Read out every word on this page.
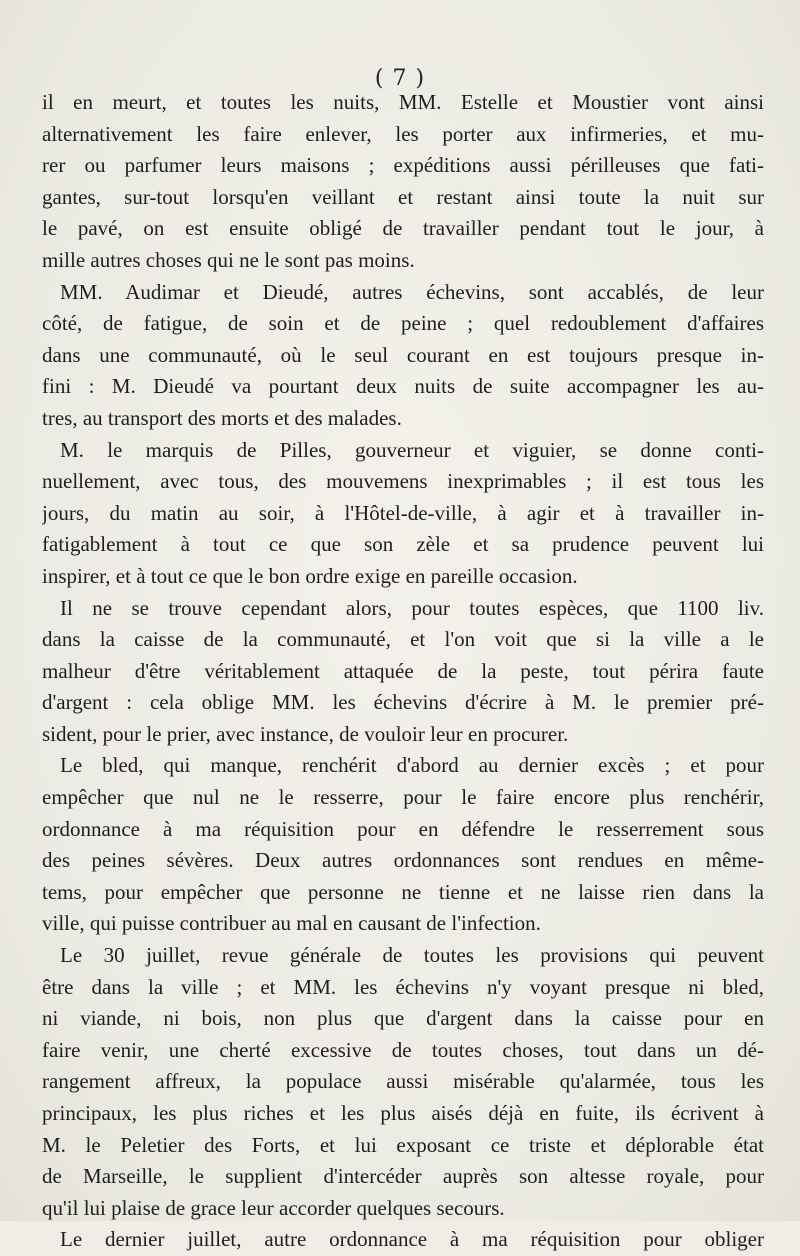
( 7 )
il en meurt, et toutes les nuits, MM. Estelle et Moustier vont ainsi
alternativement les faire enlever, les porter aux infirmeries, et mu-
rer ou parfumer leurs maisons ; expéditions aussi périlleuses que fati-
gantes, sur-tout lorsqu'en veillant et restant ainsi toute la nuit sur
le pavé, on est ensuite obligé de travailler pendant tout le jour, à
mille autres choses qui ne le sont pas moins.
MM. Audimar et Dieudé, autres échevins, sont accablés, de leur
côté, de fatigue, de soin et de peine ; quel redoublement d'affaires
dans une communauté, où le seul courant en est toujours presque in-
fini : M. Dieudé va pourtant deux nuits de suite accompagner les au-
tres, au transport des morts et des malades.
M. le marquis de Pilles, gouverneur et viguier, se donne conti-
nuellement, avec tous, des mouvemens inexprimables ; il est tous les
jours, du matin au soir, à l'Hôtel-de-ville, à agir et à travailler in-
fatigablement à tout ce que son zèle et sa prudence peuvent lui
inspirer, et à tout ce que le bon ordre exige en pareille occasion.
Il ne se trouve cependant alors, pour toutes espèces, que 1100 liv.
dans la caisse de la communauté, et l'on voit que si la ville a le
malheur d'être véritablement attaquée de la peste, tout périra faute
d'argent : cela oblige MM. les échevins d'écrire à M. le premier pré-
sident, pour le prier, avec instance, de vouloir leur en procurer.
Le bled, qui manque, renchérit d'abord au dernier excès ; et pour
empêcher que nul ne le resserre, pour le faire encore plus renchérir,
ordonnance à ma réquisition pour en défendre le resserrement sous
des peines sévères. Deux autres ordonnances sont rendues en même-
tems, pour empêcher que personne ne tienne et ne laisse rien dans la
ville, qui puisse contribuer au mal en causant de l'infection.
Le 30 juillet, revue générale de toutes les provisions qui peuvent
être dans la ville ; et MM. les échevins n'y voyant presque ni bled,
ni viande, ni bois, non plus que d'argent dans la caisse pour en
faire venir, une cherté excessive de toutes choses, tout dans un dé-
rangement affreux, la populace aussi misérable qu'alarmée, tous les
principaux, les plus riches et les plus aisés déjà en fuite, ils écrivent à
M. le Peletier des Forts, et lui exposant ce triste et déplorable état
de Marseille, le supplient d'intercéder auprès son altesse royale, pour
qu'il lui plaise de grace leur accorder quelques secours.
Le dernier juillet, autre ordonnance à ma réquisition pour obliger
